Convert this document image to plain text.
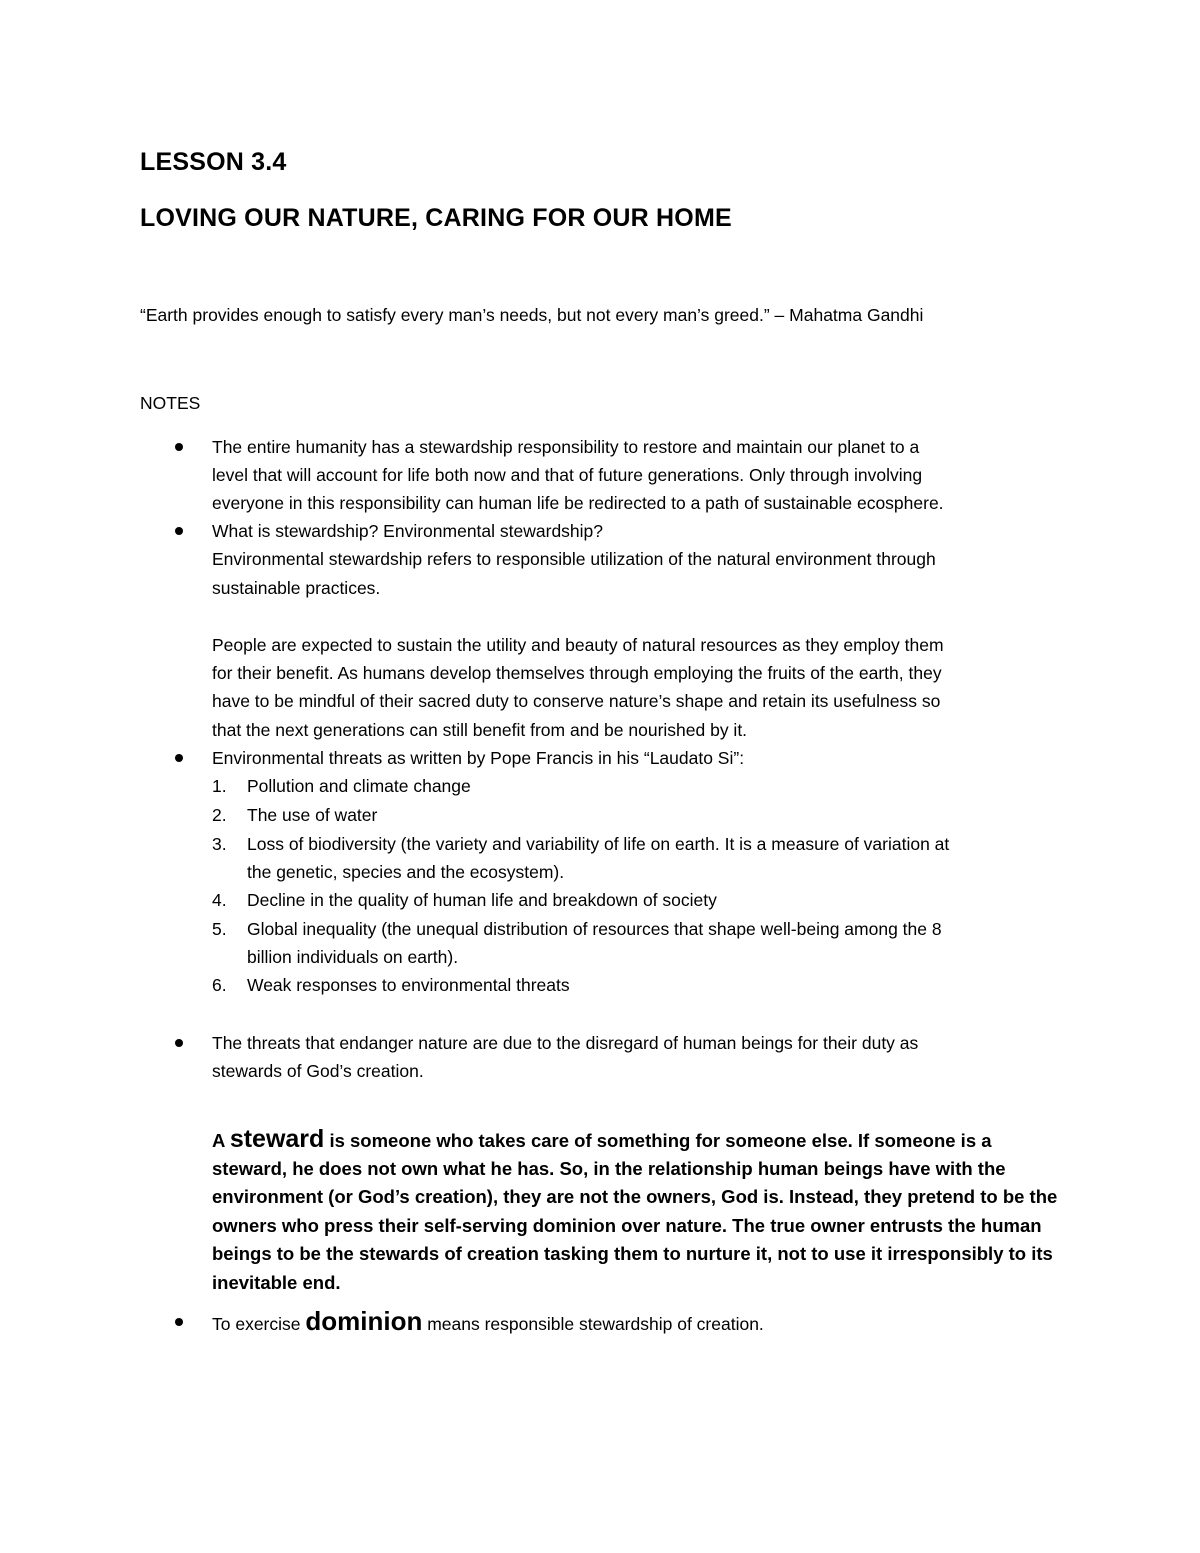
LESSON 3.4
LOVING OUR NATURE, CARING FOR OUR HOME

“Earth provides enough to satisfy every man’s needs, but not every man’s greed.” – Mahatma Gandhi

NOTES

The entire humanity has a stewardship responsibility to restore and maintain our planet to a
level that will account for life both now and that of future generations. Only through involving
everyone in this responsibility can human life be redirected to a path of sustainable ecosphere.
What is stewardship? Environmental stewardship?
Environmental stewardship refers to responsible utilization of the natural environment through
sustainable practices.
People are expected to sustain the utility and beauty of natural resources as they employ them
for their benefit. As humans develop themselves through employing the fruits of the earth, they
have to be mindful of their sacred duty to conserve nature’s shape and retain its usefulness so
that the next generations can still benefit from and be nourished by it.
Environmental threats as written by Pope Francis in his “Laudato Si”:
1. Pollution and climate change
2. The use of water
3. Loss of biodiversity (the variety and variability of life on earth. It is a measure of variation at
the genetic, species and the ecosystem).
4. Decline in the quality of human life and breakdown of society
5. Global inequality (the unequal distribution of resources that shape well-being among the 8
billion individuals on earth).
6. Weak responses to environmental threats
The threats that endanger nature are due to the disregard of human beings for their duty as
stewards of God’s creation.

A steward is someone who takes care of something for someone else. If someone is a steward, he does not own what he has. So, in the relationship human beings have with the environment (or God’s creation), they are not the owners, God is. Instead, they pretend to be the owners who press their self-serving dominion over nature. The true owner entrusts the human beings to be the stewards of creation tasking them to nurture it, not to use it irresponsibly to its inevitable end.

To exercise dominion means responsible stewardship of creation.
